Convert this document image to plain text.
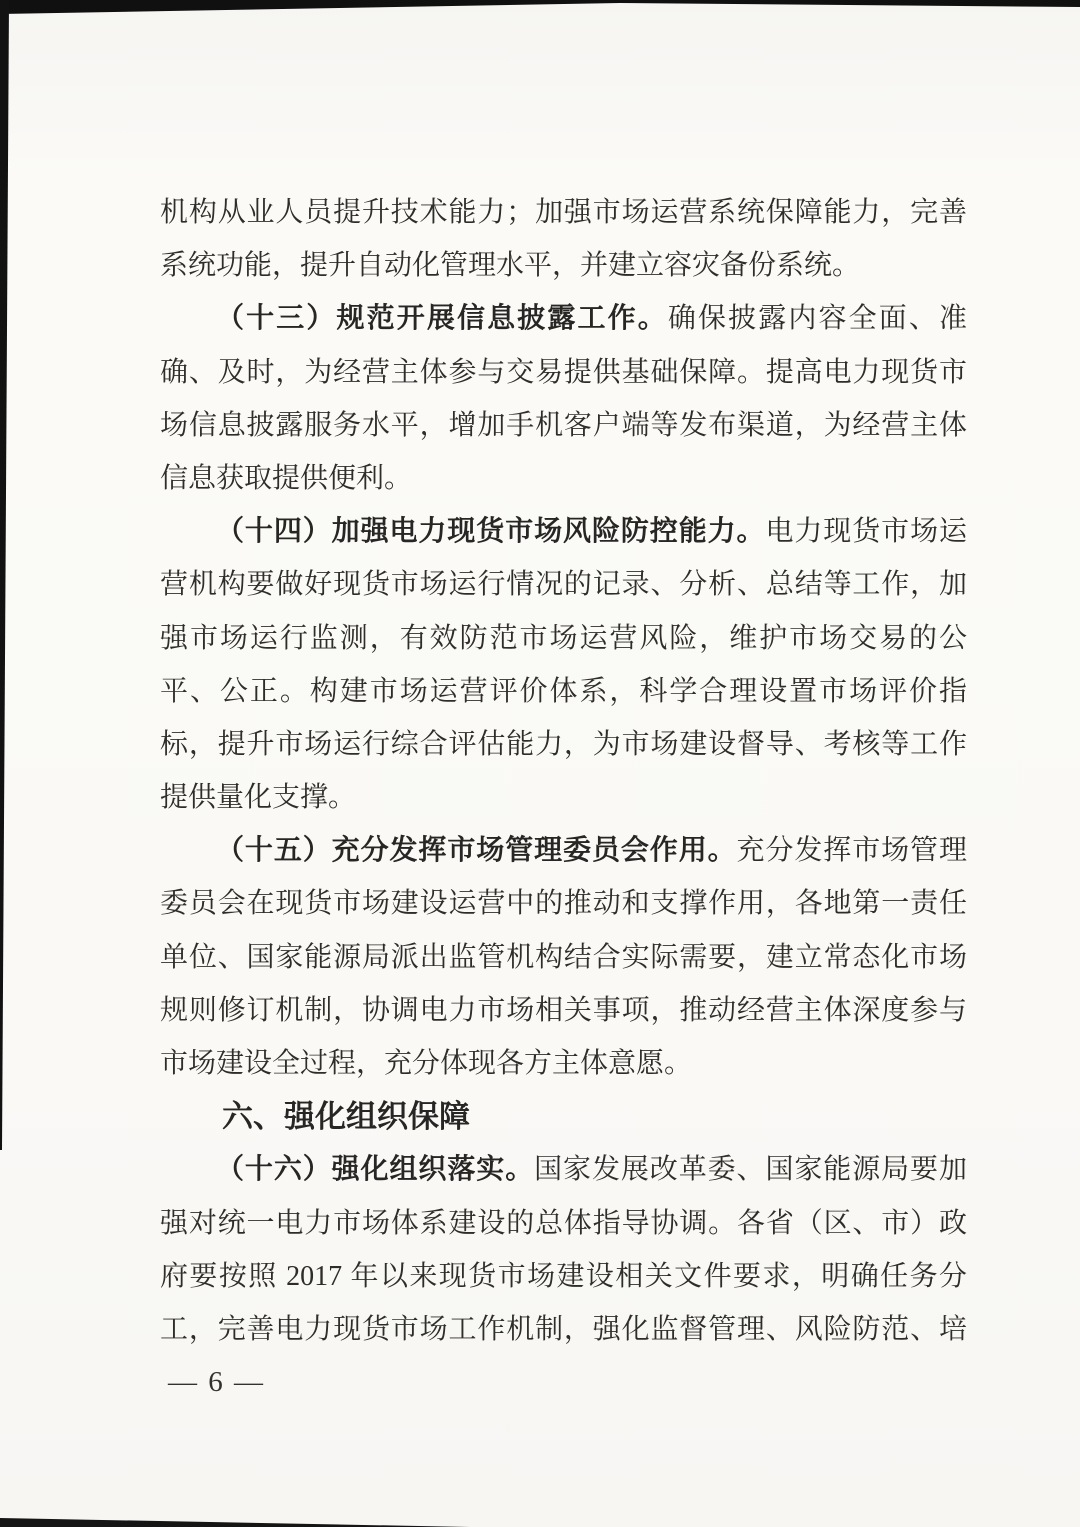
机构从业人员提升技术能力；加强市场运营系统保障能力，完善
系统功能，提升自动化管理水平，并建立容灾备份系统。
（十三）规范开展信息披露工作。确保披露内容全面、准
确、及时，为经营主体参与交易提供基础保障。提高电力现货市
场信息披露服务水平，增加手机客户端等发布渠道，为经营主体
信息获取提供便利。
（十四）加强电力现货市场风险防控能力。电力现货市场运
营机构要做好现货市场运行情况的记录、分析、总结等工作，加
强市场运行监测，有效防范市场运营风险，维护市场交易的公
平、公正。构建市场运营评价体系，科学合理设置市场评价指
标，提升市场运行综合评估能力，为市场建设督导、考核等工作
提供量化支撑。
（十五）充分发挥市场管理委员会作用。充分发挥市场管理
委员会在现货市场建设运营中的推动和支撑作用，各地第一责任
单位、国家能源局派出监管机构结合实际需要，建立常态化市场
规则修订机制，协调电力市场相关事项，推动经营主体深度参与
市场建设全过程，充分体现各方主体意愿。
六、强化组织保障
（十六）强化组织落实。国家发展改革委、国家能源局要加
强对统一电力市场体系建设的总体指导协调。各省（区、市）政
府要按照 2017 年以来现货市场建设相关文件要求，明确任务分
工，完善电力现货市场工作机制，强化监督管理、风险防范、培
— 6 —
